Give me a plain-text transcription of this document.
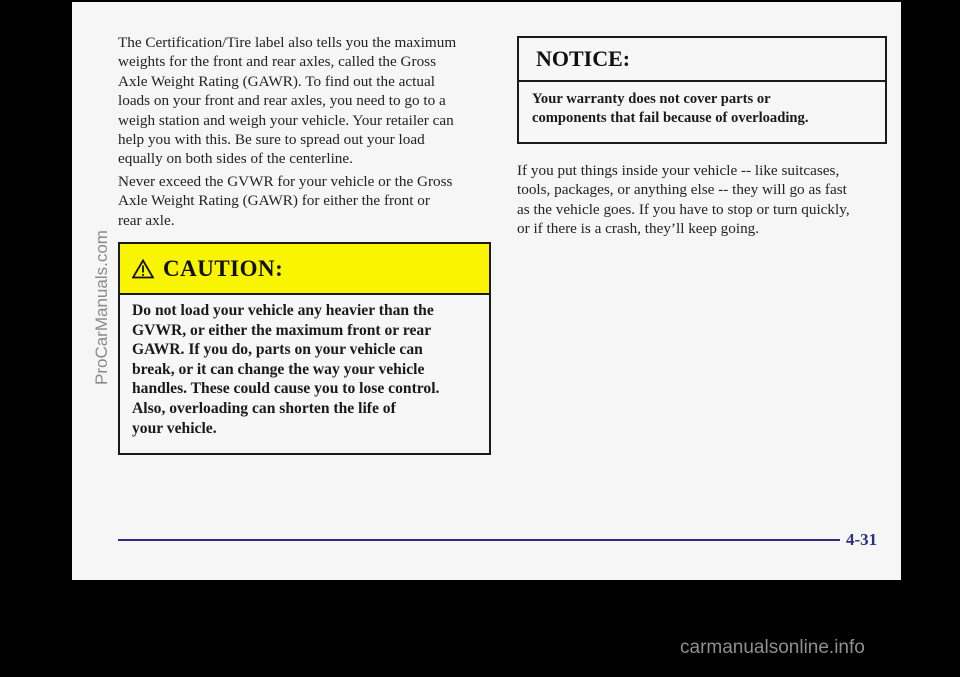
ProCarManuals.com
The Certification/Tire label also tells you the maximum
weights for the front and rear axles, called the Gross
Axle Weight Rating (GAWR). To find out the actual
loads on your front and rear axles, you need to go to a
weigh station and weigh your vehicle. Your retailer can
help you with this. Be sure to spread out your load
equally on both sides of the centerline.
Never exceed the GVWR for your vehicle or the Gross
Axle Weight Rating (GAWR) for either the front or
rear axle.
CAUTION:
Do not load your vehicle any heavier than the
GVWR, or either the maximum front or rear
GAWR. If you do, parts on your vehicle can
break, or it can change the way your vehicle
handles. These could cause you to lose control.
Also, overloading can shorten the life of
your vehicle.
NOTICE:
Your warranty does not cover parts or
components that fail because of overloading.
If you put things inside your vehicle -- like suitcases,
tools, packages, or anything else -- they will go as fast
as the vehicle goes. If you have to stop or turn quickly,
or if there is a crash, they’ll keep going.
4-31
carmanualsonline.info
